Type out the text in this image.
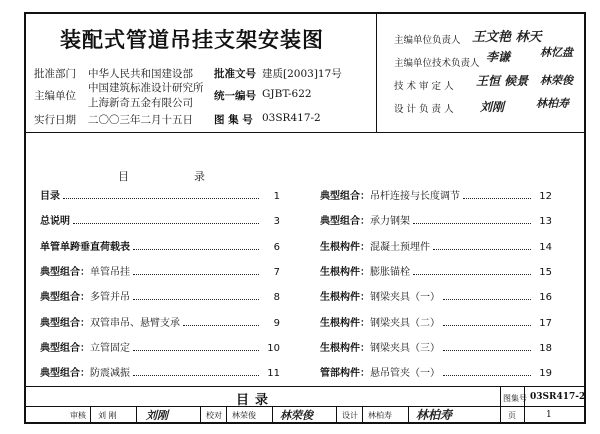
装配式管道吊挂支架安装图
批准部门 中华人民共和国建设部 批准文号 建质[2003]17号
主编单位
中国建筑标准设计研究所
上海新奇五金有限公司
统一编号 GJBT-622
实行日期 二〇〇三年二月十五日 图 集 号 03SR417-2
主编单位负责人 王文艳 林天
主编单位技术负责人 李谦	林忆盘
技 术 审 定 人 王恒 候景 林荣俊
设 计 负 责 人 刘刚	林柏寿
目	录
目录	1
总说明	3
单管单跨垂直荷载表	6
典型组合： 单管吊挂	7
典型组合： 多管并吊	8
典型组合： 双管串吊、悬臂支承	9
典型组合： 立管固定	10
典型组合： 防震减振	11
典型组合： 吊杆连接与长度调节	12
典型组合： 承力钢架	13
生根构件： 混凝土预埋件	14
生根构件： 膨胀锚栓	15
生根构件： 钢梁夹具（一）	16
生根构件： 钢梁夹具（二）	17
生根构件： 钢梁夹具（三）	18
管部构件： 悬吊管夹（一）	19
目录	图集号 03SR417-2
审核 刘 刚	刘刚	校对 林荣俊 林荣俊	设计 林柏寿 林柏寿	页	1
